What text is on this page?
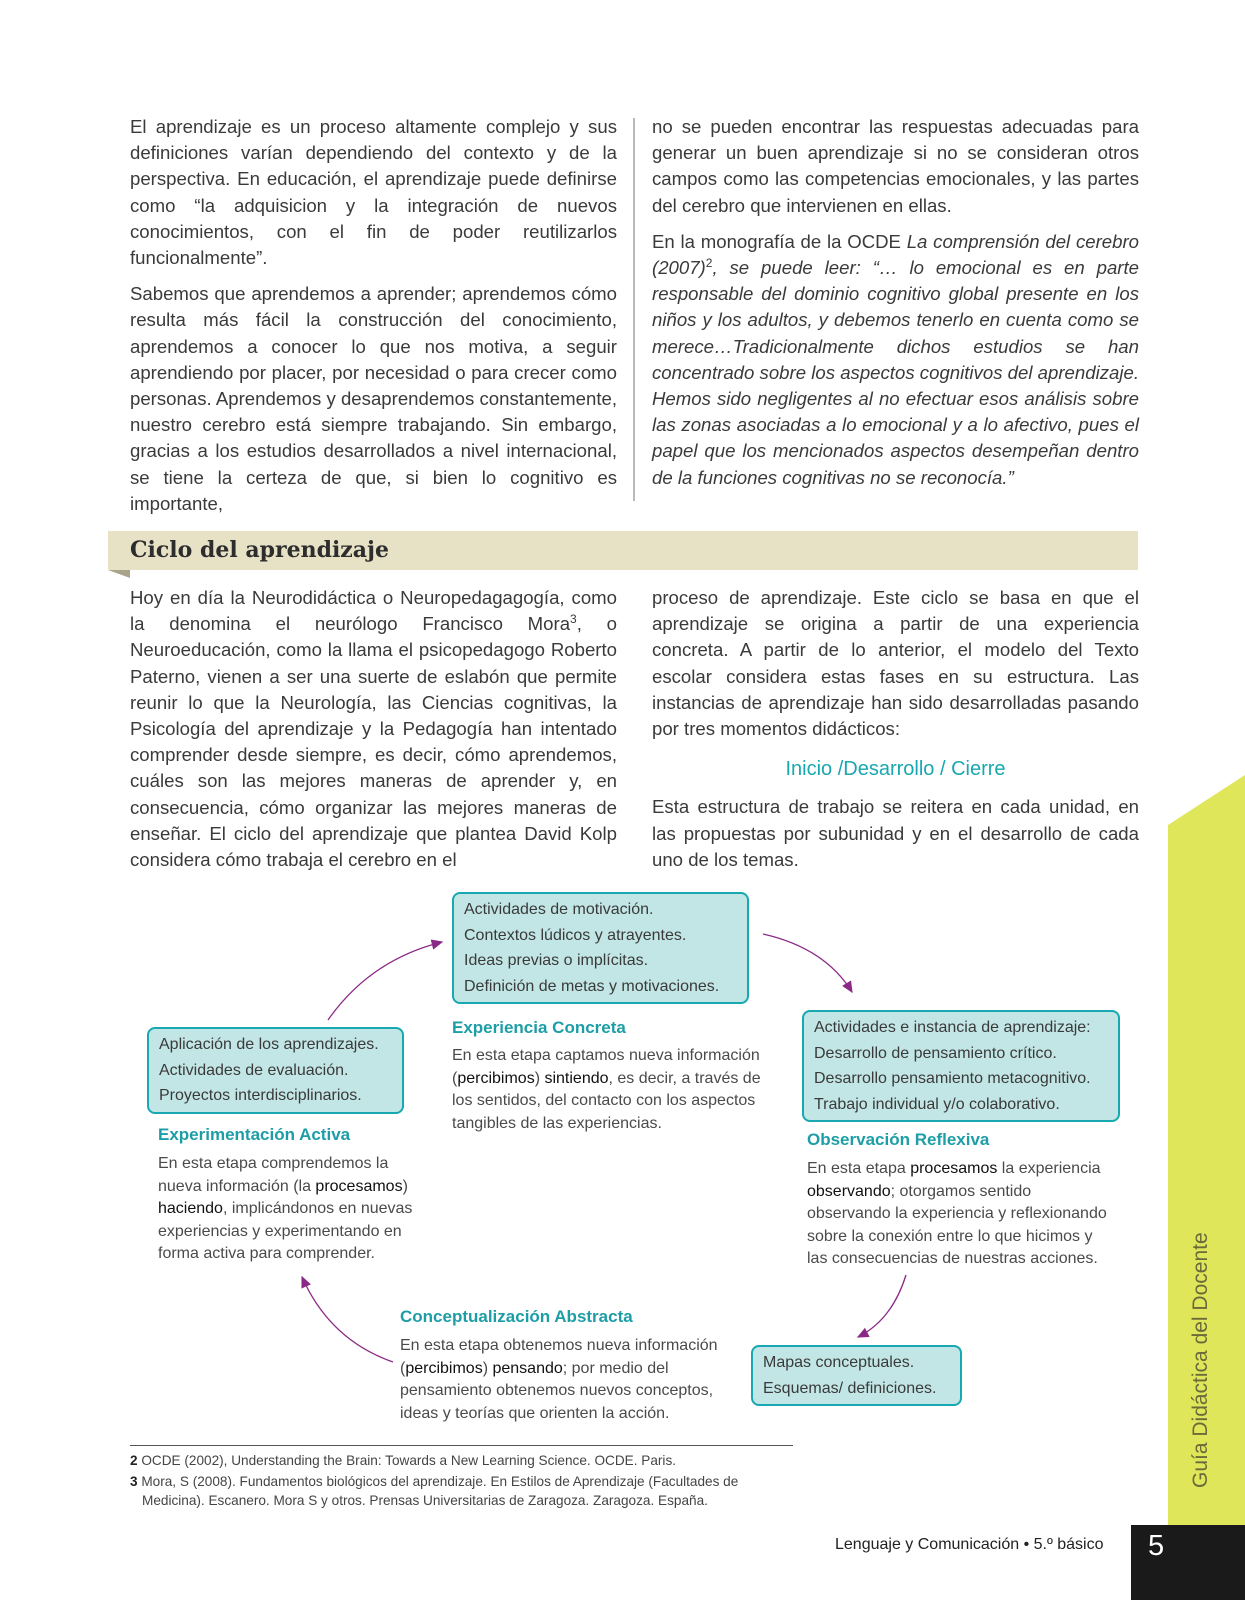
El aprendizaje es un proceso altamente complejo y sus definiciones varían dependiendo del contexto y de la perspectiva. En educación, el aprendizaje puede definirse como “la adquisicion y la integración de nuevos conocimientos, con el fin de poder reutilizarlos funcionalmente”.

Sabemos que aprendemos a aprender; aprendemos cómo resulta más fácil la construcción del conocimiento, aprendemos a conocer lo que nos motiva, a seguir aprendiendo por placer, por necesidad o para crecer como personas. Aprendemos y desaprendemos constantemente, nuestro cerebro está siempre trabajando. Sin embargo, gracias a los estudios desarrollados a nivel internacional, se tiene la certeza de que, si bien lo cognitivo es importante,

no se pueden encontrar las respuestas adecuadas para generar un buen aprendizaje si no se consideran otros campos como las competencias emocionales, y las partes del cerebro que intervienen en ellas.

En la monografía de la OCDE La comprensión del cerebro $(2007)^2$, se puede leer: “… lo emocional es en parte responsable del dominio cognitivo global presente en los niños y los adultos, y debemos tenerlo en cuenta como se merece…Tradicionalmente dichos estudios se han concentrado sobre los aspectos cognitivos del aprendizaje. Hemos sido negligentes al no efectuar esos análisis sobre las zonas asociadas a lo emocional y a lo afectivo, pues el papel que los mencionados aspectos desempeñan dentro de la funciones cognitivas no se reconocía.”

Ciclo del aprendizaje

Hoy en día la Neurodidáctica o Neuropedagagogía, como la denomina el neurólogo Francisco Mora$^3$, o Neuroeducación, como la llama el psicopedagogo Roberto Paterno, vienen a ser una suerte de eslabón que permite reunir lo que la Neurología, las Ciencias cognitivas, la Psicología del aprendizaje y la Pedagogía han intentado comprender desde siempre, es decir, cómo aprendemos, cuáles son las mejores maneras de aprender y, en consecuencia, cómo organizar las mejores maneras de enseñar. El ciclo del aprendizaje que plantea David Kolp considera cómo trabaja el cerebro en el

proceso de aprendizaje. Este ciclo se basa en que el aprendizaje se origina a partir de una experiencia concreta. A partir de lo anterior, el modelo del Texto escolar considera estas fases en su estructura. Las instancias de aprendizaje han sido desarrolladas pasando por tres momentos didácticos:

Inicio /Desarrollo / Cierre

Esta estructura de trabajo se reitera en cada unidad, en las propuestas por subunidad y en el desarrollo de cada uno de los temas.

Actividades de motivación.
Contextos lúdicos y atrayentes.
Ideas previas o implícitas.
Definición de metas y motivaciones.
Aplicación de los aprendizajes.
Actividades de evaluación.
Proyectos interdisciplinarios.
Actividades e instancia de aprendizaje:
Desarrollo de pensamiento crítico.
Desarrollo pensamiento metacognitivo.
Trabajo individual y/o colaborativo.
Mapas conceptuales.
Esquemas/ definiciones.
Experiencia Concreta
En esta etapa captamos nueva información (percibimos) sintiendo, es decir, a través de los sentidos, del contacto con los aspectos tangibles de las experiencias.
Experimentación Activa
En esta etapa comprendemos la nueva información (la procesamos) haciendo, implicándonos en nuevas experiencias y experimentando en forma activa para comprender.
Observación Reflexiva
En esta etapa procesamos la experiencia observando; otorgamos sentido observando la experiencia y reflexionando sobre la conexión entre lo que hicimos y las consecuencias de nuestras acciones.
Conceptualización Abstracta
En esta etapa obtenemos nueva información (percibimos) pensando; por medio del pensamiento obtenemos nuevos conceptos, ideas y teorías que orienten la acción.
2 OCDE (2002), Understanding the Brain: Towards a New Learning Science. OCDE. Paris.
3 Mora, S (2008). Fundamentos biológicos del aprendizaje. En Estilos de Aprendizaje (Facultades de Medicina). Escanero. Mora S y otros. Prensas Universitarias de Zaragoza. Zaragoza. España.
Guía Didáctica del Docente
5
Lenguaje y Comunicación • 5.º básico
